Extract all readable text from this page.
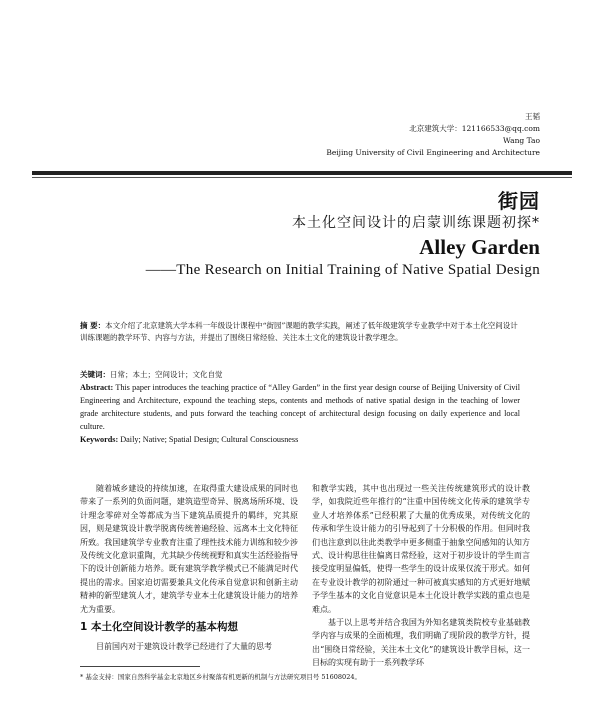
王韬
北京建筑大学：121166533@qq.com
Wang Tao
Beijing University of Civil Engineering and Architecture
街园
本土化空间设计的启蒙训练课题初探*
Alley Garden
——The Research on Initial Training of Native Spatial Design
摘 要：本文介绍了北京建筑大学本科一年级设计课程中“街园”课题的教学实践，阐述了低年级建筑学专业教学中对于本土化空间设计训练课题的教学环节、内容与方法，并提出了围绕日常经验、关注本土文化的建筑设计教学理念。
关键词：日常；本土；空间设计；文化自觉
Abstract: This paper introduces the teaching practice of “Alley Garden” in the first year design course of Beijing University of Civil Engineering and Architecture, expound the teaching steps, contents and methods of native spatial design in the teaching of lower grade architecture students, and puts forward the teaching concept of architectural design focusing on daily experience and local culture.
Keywords: Daily; Native; Spatial Design; Cultural Consciousness

随着城乡建设的持续加速，在取得重大建设成果的同时也带来了一系列的负面问题，建筑造型奇异、脱离场所环境、设计理念零碎对全等都成为当下建筑品质提升的羁绊，究其原因，则是建筑设计教学脱离传统普遍经验、远离本土文化特征所致。我国建筑学专业教育注重了理性技术能力训练和较少涉及传统文化意识重陶，尤其缺少传统视野和真实生活经验指导下的设计创新能力培养。既有建筑学教学模式已不能满足时代提出的需求。国家迫切需要兼具文化传承自觉意识和创新主动精神的新型建筑人才，建筑学专业本土化建筑设计能力的培养尤为重要。

和教学实践，其中也出现过一些关注传统建筑形式的设计教学，如我院近些年推行的“注重中国传统文化传承的建筑学专业人才培养体系”已经积累了大量的优秀成果，对传统文化的传承和学生设计能力的引导起到了十分积极的作用。但同时我们也注意到以往此类教学中更多侧重于抽象空间感知的认知方式、设计构思往往偏离日常经验，这对于初步设计的学生而言接受度明显偏低，使得一些学生的设计成果仅流于形式。如何在专业设计教学的初阶通过一种可被真实感知的方式更好地赋予学生基本的文化自觉意识是本土化设计教学实践的重点也是难点。

基于以上思考并结合我国为外知名建筑类院校专业基础教学内容与成果的全面梳理，我们明确了现阶段的教学方针，提出“围绕日常经验，关注本土文化”的建筑设计教学目标，这一目标的实现有助于一系列教学环

1 本土化空间设计教学的基本构想
目前国内对于建筑设计教学已经进行了大量的思考
* 基金支持：国家自然科学基金北京地区乡村聚落有机更新的机制与方法研究项目号 51608024。
